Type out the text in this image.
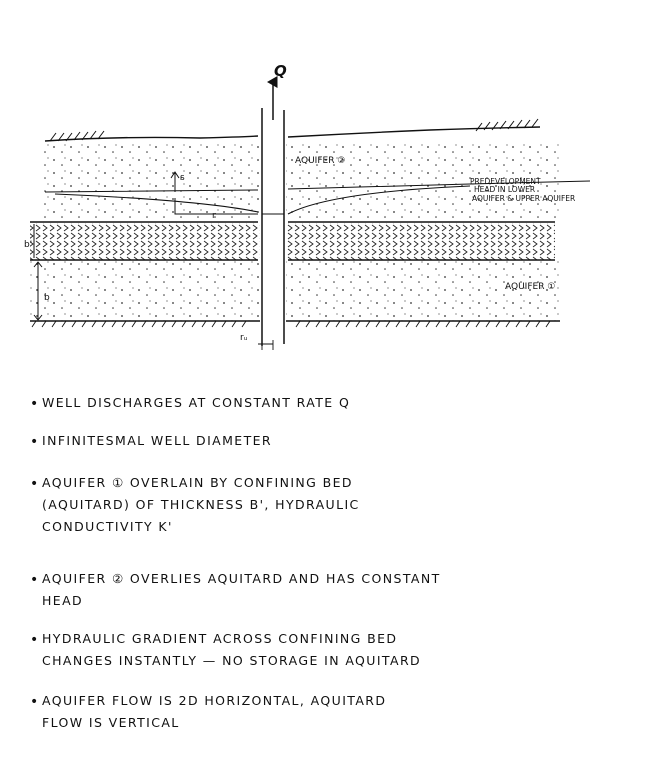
s
r
Q
b'
b
rᵤ
AQUIFER ②
AQUIFER ①
PREDEVELOPMENT
HEAD IN LOWER
AQUIFER & UPPER AQUIFER
• WELL DISCHARGES AT CONSTANT RATE Q
• INFINITESMAL WELL DIAMETER
• AQUIFER ① OVERLAIN BY CONFINING BED
(AQUITARD) OF THICKNESS B', HYDRAULIC
CONDUCTIVITY K'
• AQUIFER ② OVERLIES AQUITARD AND HAS CONSTANT
HEAD
• HYDRAULIC GRADIENT ACROSS CONFINING BED
CHANGES INSTANTLY — NO STORAGE IN AQUITARD
• AQUIFER FLOW IS 2D HORIZONTAL, AQUITARD
FLOW IS VERTICAL
